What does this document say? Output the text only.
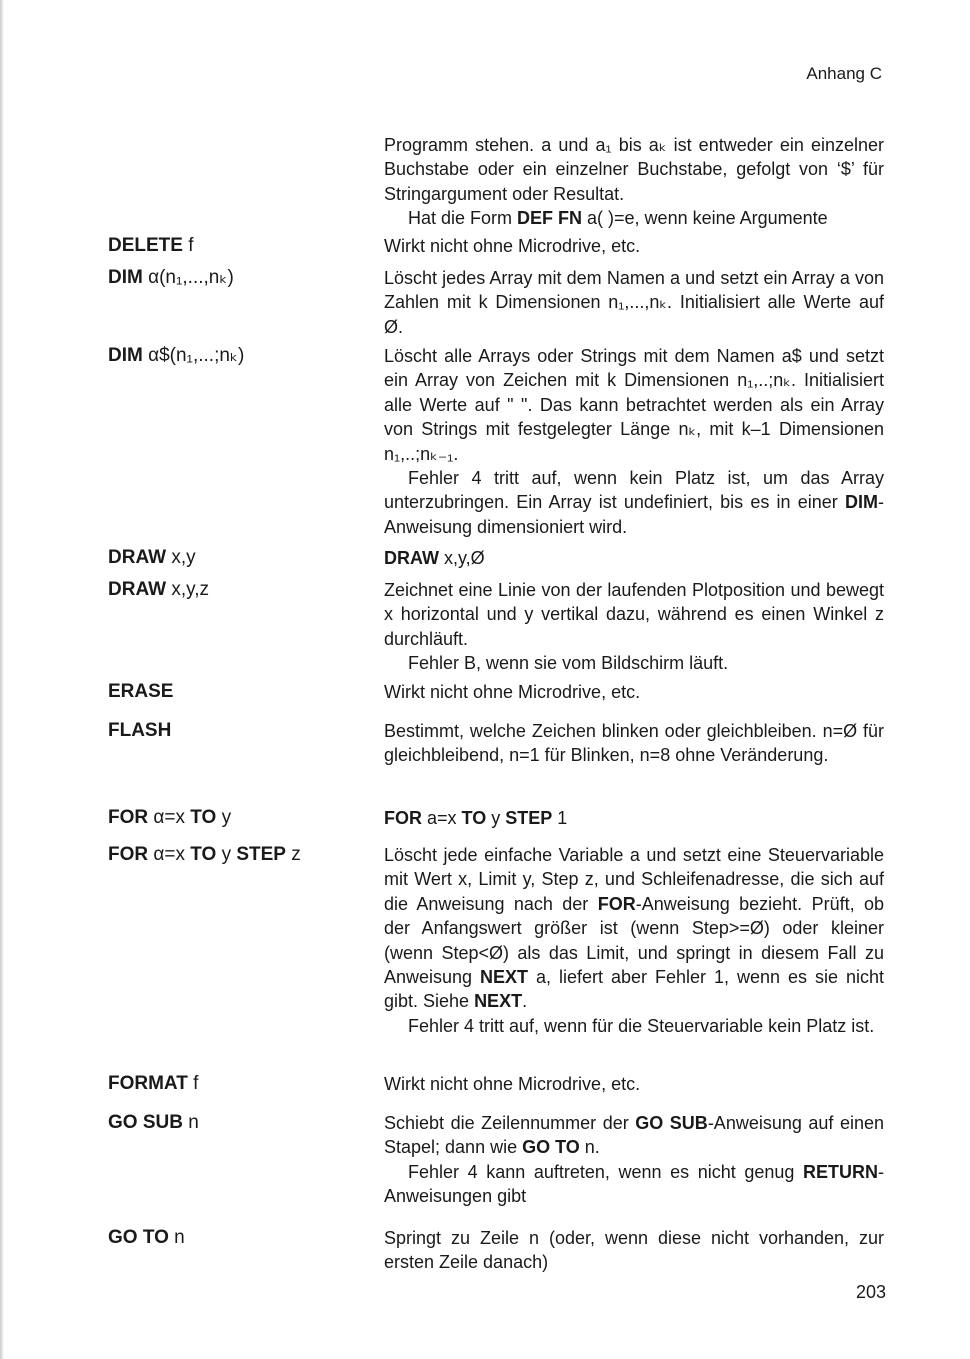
Anhang C

Programm stehen. a und a₁ bis aₖ ist entweder ein einzelner Buchstabe oder ein einzelner Buchstabe, gefolgt von ‘$’ für Stringargument oder Resultat.

Hat die Form DEF FN a( )=e, wenn keine Argumente

DELETE f	Wirkt nicht ohne Microdrive, etc.

DIM α(n₁,...,nₖ)	Löscht jedes Array mit dem Namen a und setzt ein Array a von Zahlen mit k Dimensionen n₁,...,nₖ. Initialisiert alle Werte auf Ø.

DIM α$(n₁,...;nₖ)	Löscht alle Arrays oder Strings mit dem Namen a$ und setzt ein Array von Zeichen mit k Dimensionen n₁,..;nₖ. Initialisiert alle Werte auf " ". Das kann betrachtet werden als ein Array von Strings mit festgelegter Länge nₖ, mit k–1 Dimensionen n₁,..;nₖ₋₁.

Fehler 4 tritt auf, wenn kein Platz ist, um das Array unterzubringen. Ein Array ist undefiniert, bis es in einer DIM-Anweisung dimensioniert wird.

DRAW x,y	DRAW x,y,Ø

DRAW x,y,z	Zeichnet eine Linie von der laufenden Plotposition und bewegt x horizontal und y vertikal dazu, während es einen Winkel z durchläuft.

Fehler B, wenn sie vom Bildschirm läuft.

ERASE	Wirkt nicht ohne Microdrive, etc.

FLASH	Bestimmt, welche Zeichen blinken oder gleichbleiben. n=Ø für gleichbleibend, n=1 für Blinken, n=8 ohne Veränderung.

FOR α=x TO y	FOR a=x TO y STEP 1

FOR α=x TO y STEP z	Löscht jede einfache Variable a und setzt eine Steuervariable mit Wert x, Limit y, Step z, und Schleifenadresse, die sich auf die Anweisung nach der FOR-Anweisung bezieht. Prüft, ob der Anfangswert größer ist (wenn Step>=Ø) oder kleiner (wenn Step<Ø) als das Limit, und springt in diesem Fall zu Anweisung NEXT a, liefert aber Fehler 1, wenn es sie nicht gibt. Siehe NEXT.

Fehler 4 tritt auf, wenn für die Steuervariable kein Platz ist.

FORMAT f	Wirkt nicht ohne Microdrive, etc.

GO SUB n	Schiebt die Zeilennummer der GO SUB-Anweisung auf einen Stapel; dann wie GO TO n.

Fehler 4 kann auftreten, wenn es nicht genug RETURN-Anweisungen gibt

GO TO n	Springt zu Zeile n (oder, wenn diese nicht vorhanden, zur ersten Zeile danach)

203
